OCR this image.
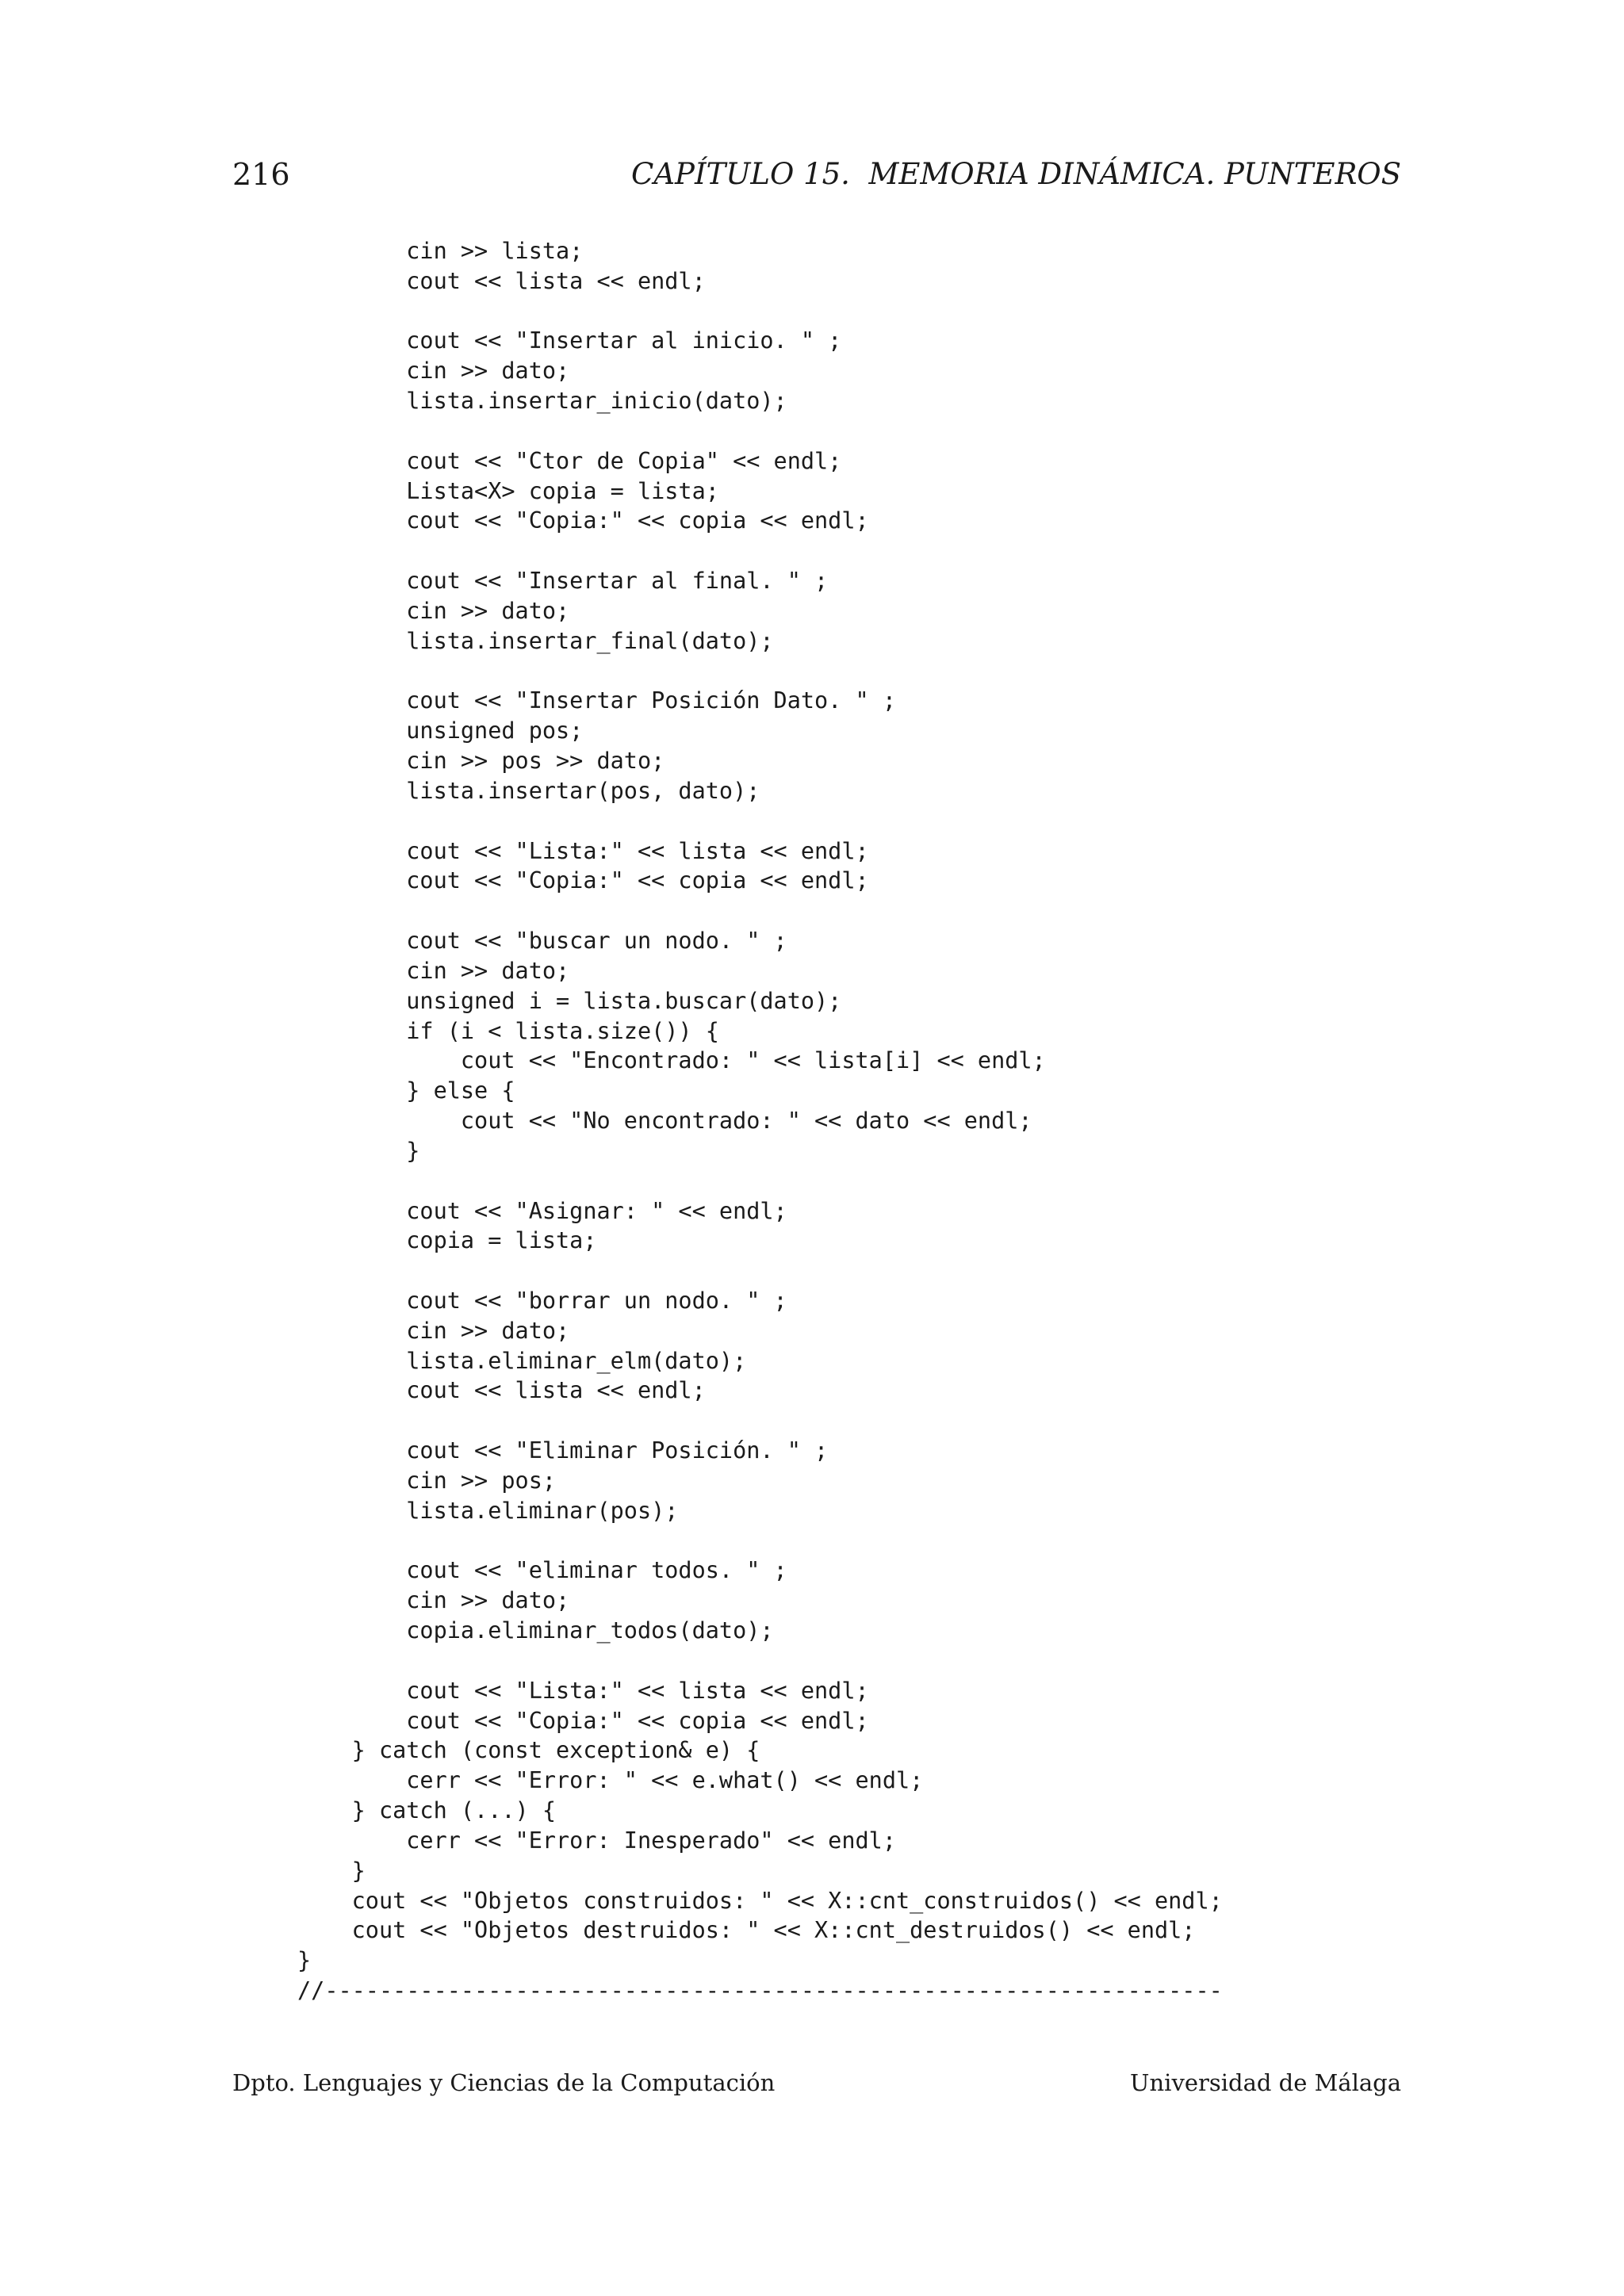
216	CAPÍTULO 15.  MEMORIA DINÁMICA. PUNTEROS
cin >> lista;
cout << lista << endl;
cout << "Insertar al inicio. " ;
cin >> dato;
lista.insertar_inicio(dato);
cout << "Ctor de Copia" << endl;
Lista<X> copia = lista;
cout << "Copia:" << copia << endl;
cout << "Insertar al final. " ;
cin >> dato;
lista.insertar_final(dato);
cout << "Insertar Posición Dato. " ;
unsigned pos;
cin >> pos >> dato;
lista.insertar(pos, dato);
cout << "Lista:" << lista << endl;
cout << "Copia:" << copia << endl;
cout << "buscar un nodo. " ;
cin >> dato;
unsigned i = lista.buscar(dato);
if (i < lista.size()) {
cout << "Encontrado: " << lista[i] << endl;
} else {
cout << "No encontrado: " << dato << endl;
}
cout << "Asignar: " << endl;
copia = lista;
cout << "borrar un nodo. " ;
cin >> dato;
lista.eliminar_elm(dato);
cout << lista << endl;
cout << "Eliminar Posición. " ;
cin >> pos;
lista.eliminar(pos);
cout << "eliminar todos. " ;
cin >> dato;
copia.eliminar_todos(dato);
cout << "Lista:" << lista << endl;
cout << "Copia:" << copia << endl;
} catch (const exception& e) {
cerr << "Error: " << e.what() << endl;
} catch (...) {
cerr << "Error: Inesperado" << endl;
}
cout << "Objetos construidos: " << X::cnt_construidos() << endl;
cout << "Objetos destruidos: " << X::cnt_destruidos() << endl;
}
//------------------------------------------------------------------
Dpto. Lenguajes y Ciencias de la Computación	Universidad de Málaga
